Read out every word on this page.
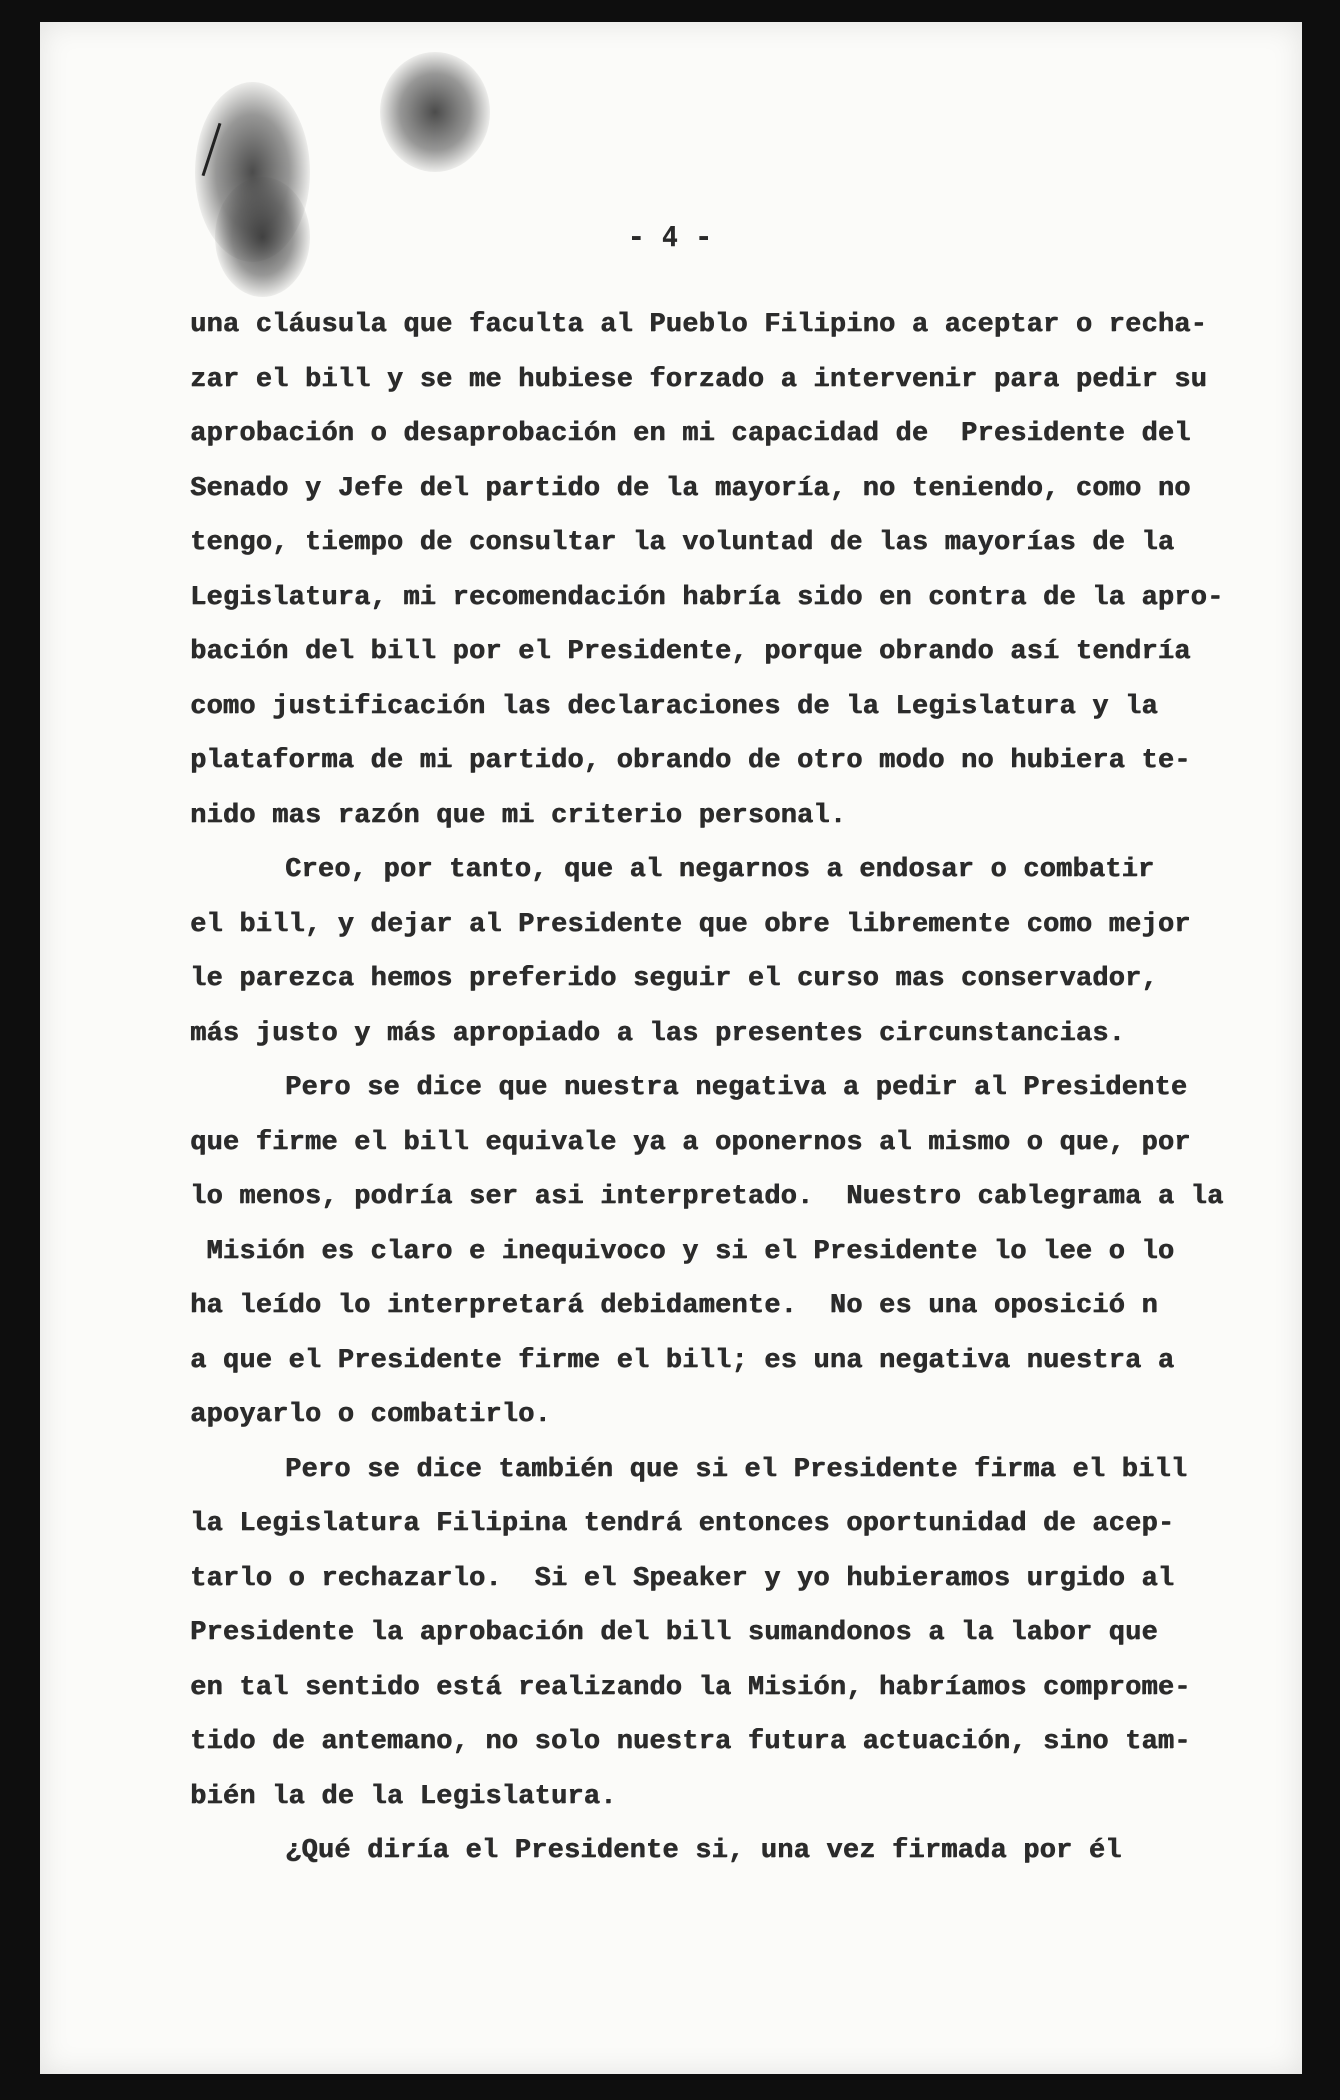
- 4 -
una cláusula que faculta al Pueblo Filipino a aceptar o recha-
zar el bill y se me hubiese forzado a intervenir para pedir su
aprobación o desaprobación en mi capacidad de  Presidente del
Senado y Jefe del partido de la mayoría, no teniendo, como no
tengo, tiempo de consultar la voluntad de las mayorías de la
Legislatura, mi recomendación habría sido en contra de la apro-
bación del bill por el Presidente, porque obrando así tendría
como justificación las declaraciones de la Legislatura y la
plataforma de mi partido, obrando de otro modo no hubiera te-
nido mas razón que mi criterio personal.
Creo, por tanto, que al negarnos a endosar o combatir
el bill, y dejar al Presidente que obre libremente como mejor
le parezca hemos preferido seguir el curso mas conservador,
más justo y más apropiado a las presentes circunstancias.
Pero se dice que nuestra negativa a pedir al Presidente
que firme el bill equivale ya a oponernos al mismo o que, por
lo menos, podría ser asi interpretado.  Nuestro cablegrama a la
Misión es claro e inequivoco y si el Presidente lo lee o lo
ha leído lo interpretará debidamente.  No es una oposició n
a que el Presidente firme el bill; es una negativa nuestra a
apoyarlo o combatirlo.
Pero se dice también que si el Presidente firma el bill
la Legislatura Filipina tendrá entonces oportunidad de acep-
tarlo o rechazarlo.  Si el Speaker y yo hubieramos urgido al
Presidente la aprobación del bill sumandonos a la labor que
en tal sentido está realizando la Misión, habríamos comprome-
tido de antemano, no solo nuestra futura actuación, sino tam-
bién la de la Legislatura.
¿Qué diría el Presidente si, una vez firmada por él
